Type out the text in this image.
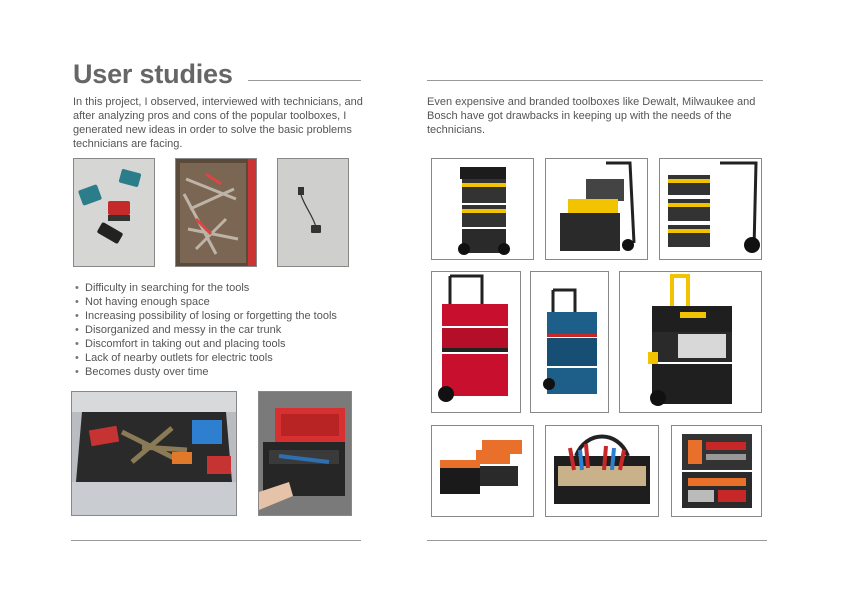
User studies
In this project, I observed, interviewed with technicians, and after analyzing pros and cons of the popular toolboxes, I generated new ideas in order to solve the basic problems technicians are facing.
• Difficulty in searching for the tools
• Not having enough space
• Increasing possibility of losing or forgetting the tools
• Disorganized and messy in the car trunk
• Discomfort in taking out and placing tools
• Lack of nearby outlets for electric tools
• Becomes dusty over time
Even expensive and branded toolboxes like Dewalt, Milwaukee and Bosch have got drawbacks in keeping up with the needs of the technicians.
